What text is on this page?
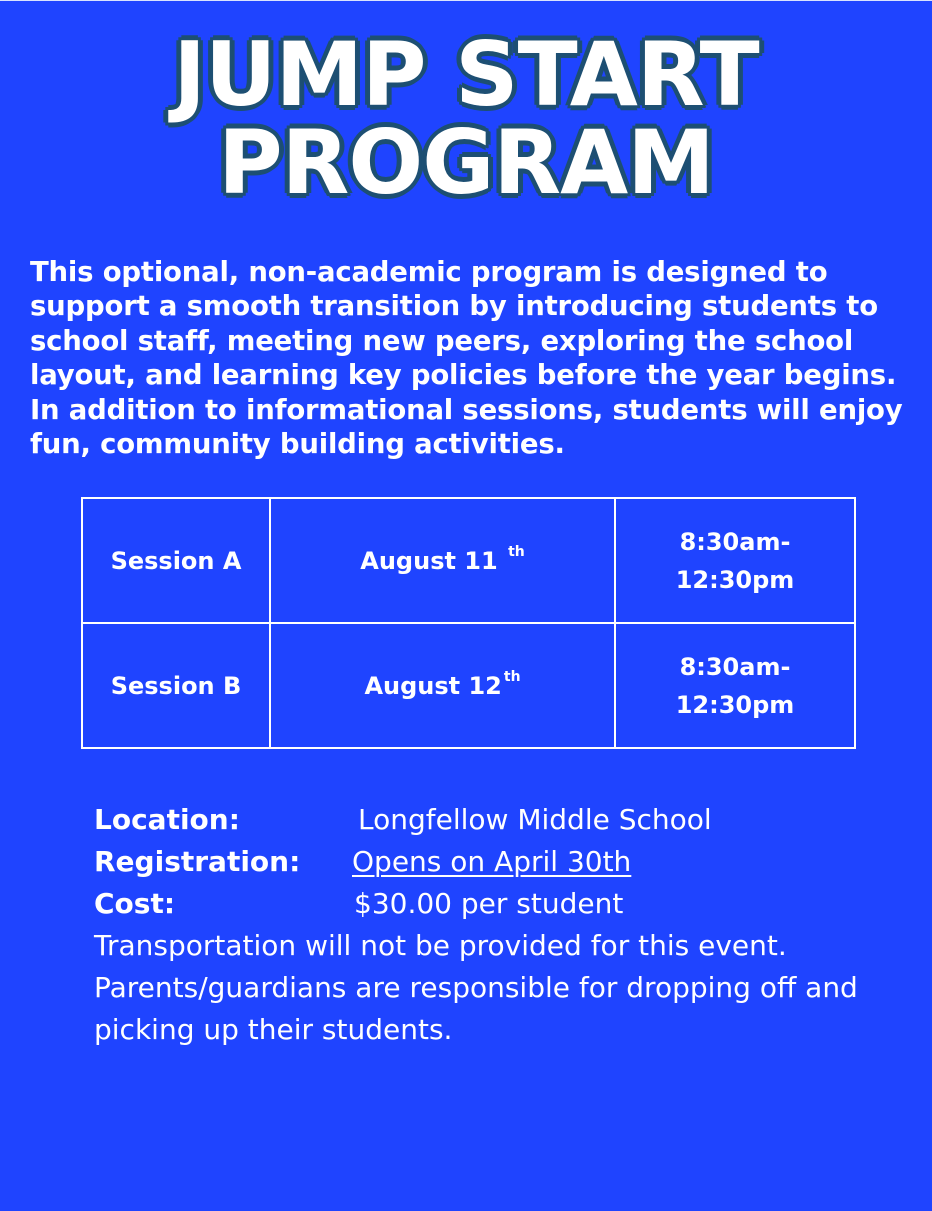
JUMP START
PROGRAM

This optional, non-academic program is designed to support a smooth transition by introducing students to school staff, meeting new peers, exploring the school layout, and learning key policies before the year begins. In addition to informational sessions, students will enjoy fun, community building activities.

Session A	August 11 $^{th}$	8:30am-
12:30pm
Session B	August 12 $^{th}$	8:30am-
12:30pm
Location:	Longfellow Middle School
Registration: Opens on April 30th
Cost:	$30.00 per student

Transportation will not be provided for this event. Parents/guardians are responsible for dropping off and picking up their students.
